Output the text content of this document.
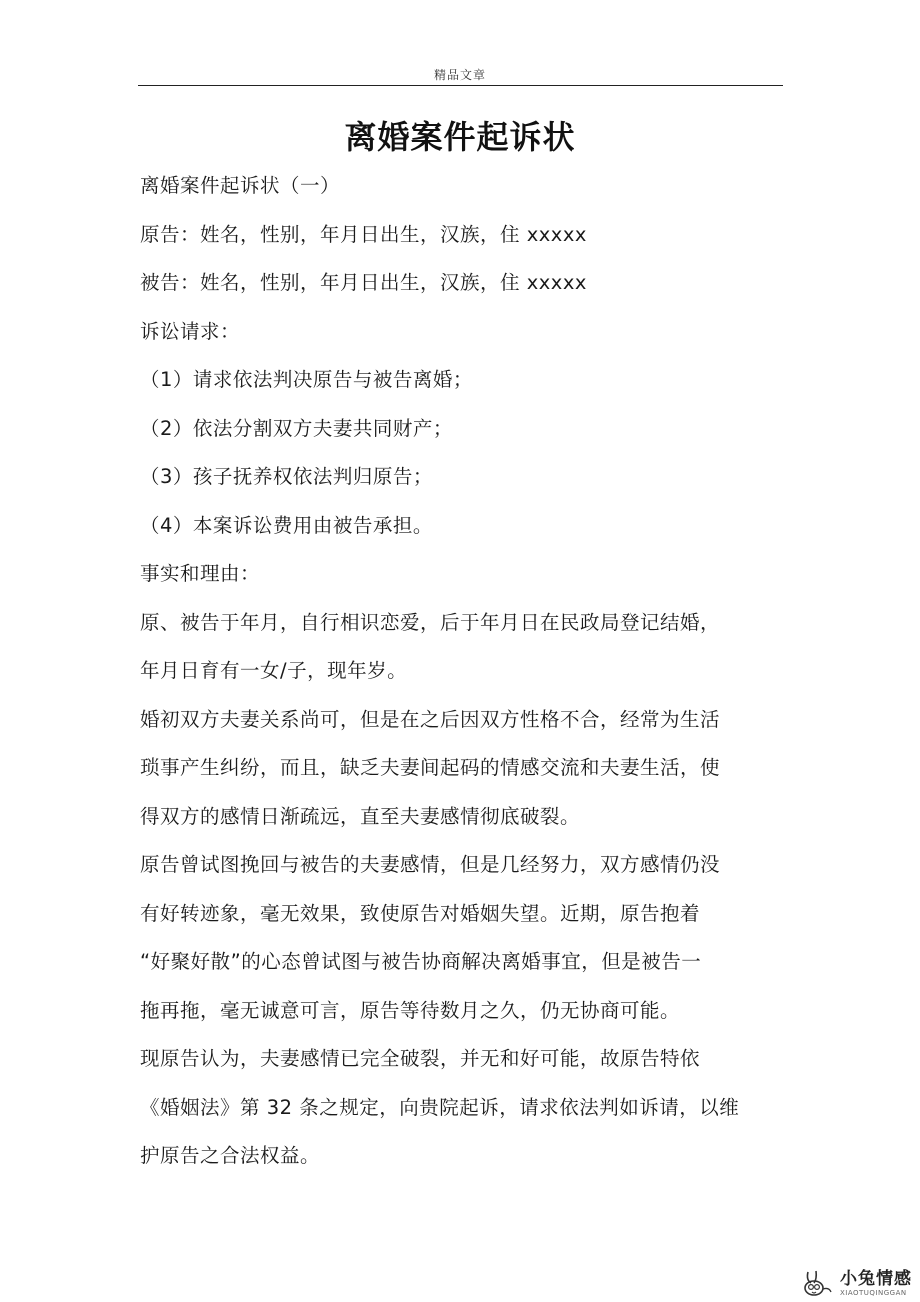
精品文章
离婚案件起诉状
离婚案件起诉状（一）
原告：姓名，性别，年月日出生，汉族，住 xxxxx
被告：姓名，性别，年月日出生，汉族，住 xxxxx
诉讼请求：
（1）请求依法判决原告与被告离婚；
（2）依法分割双方夫妻共同财产；
（3）孩子抚养权依法判归原告；
（4）本案诉讼费用由被告承担。
事实和理由：
原、被告于年月，自行相识恋爱，后于年月日在民政局登记结婚，
年月日育有一女/子，现年岁。
婚初双方夫妻关系尚可，但是在之后因双方性格不合，经常为生活
琐事产生纠纷，而且，缺乏夫妻间起码的情感交流和夫妻生活，使
得双方的感情日渐疏远，直至夫妻感情彻底破裂。
原告曾试图挽回与被告的夫妻感情，但是几经努力，双方感情仍没
有好转迹象，毫无效果，致使原告对婚姻失望。近期，原告抱着
“好聚好散”的心态曾试图与被告协商解决离婚事宜，但是被告一
拖再拖，毫无诚意可言，原告等待数月之久，仍无协商可能。
现原告认为，夫妻感情已完全破裂，并无和好可能，故原告特依
《婚姻法》第 32 条之规定，向贵院起诉，请求依法判如诉请，以维
护原告之合法权益。
小兔情感
XIAOTUQINGGAN
